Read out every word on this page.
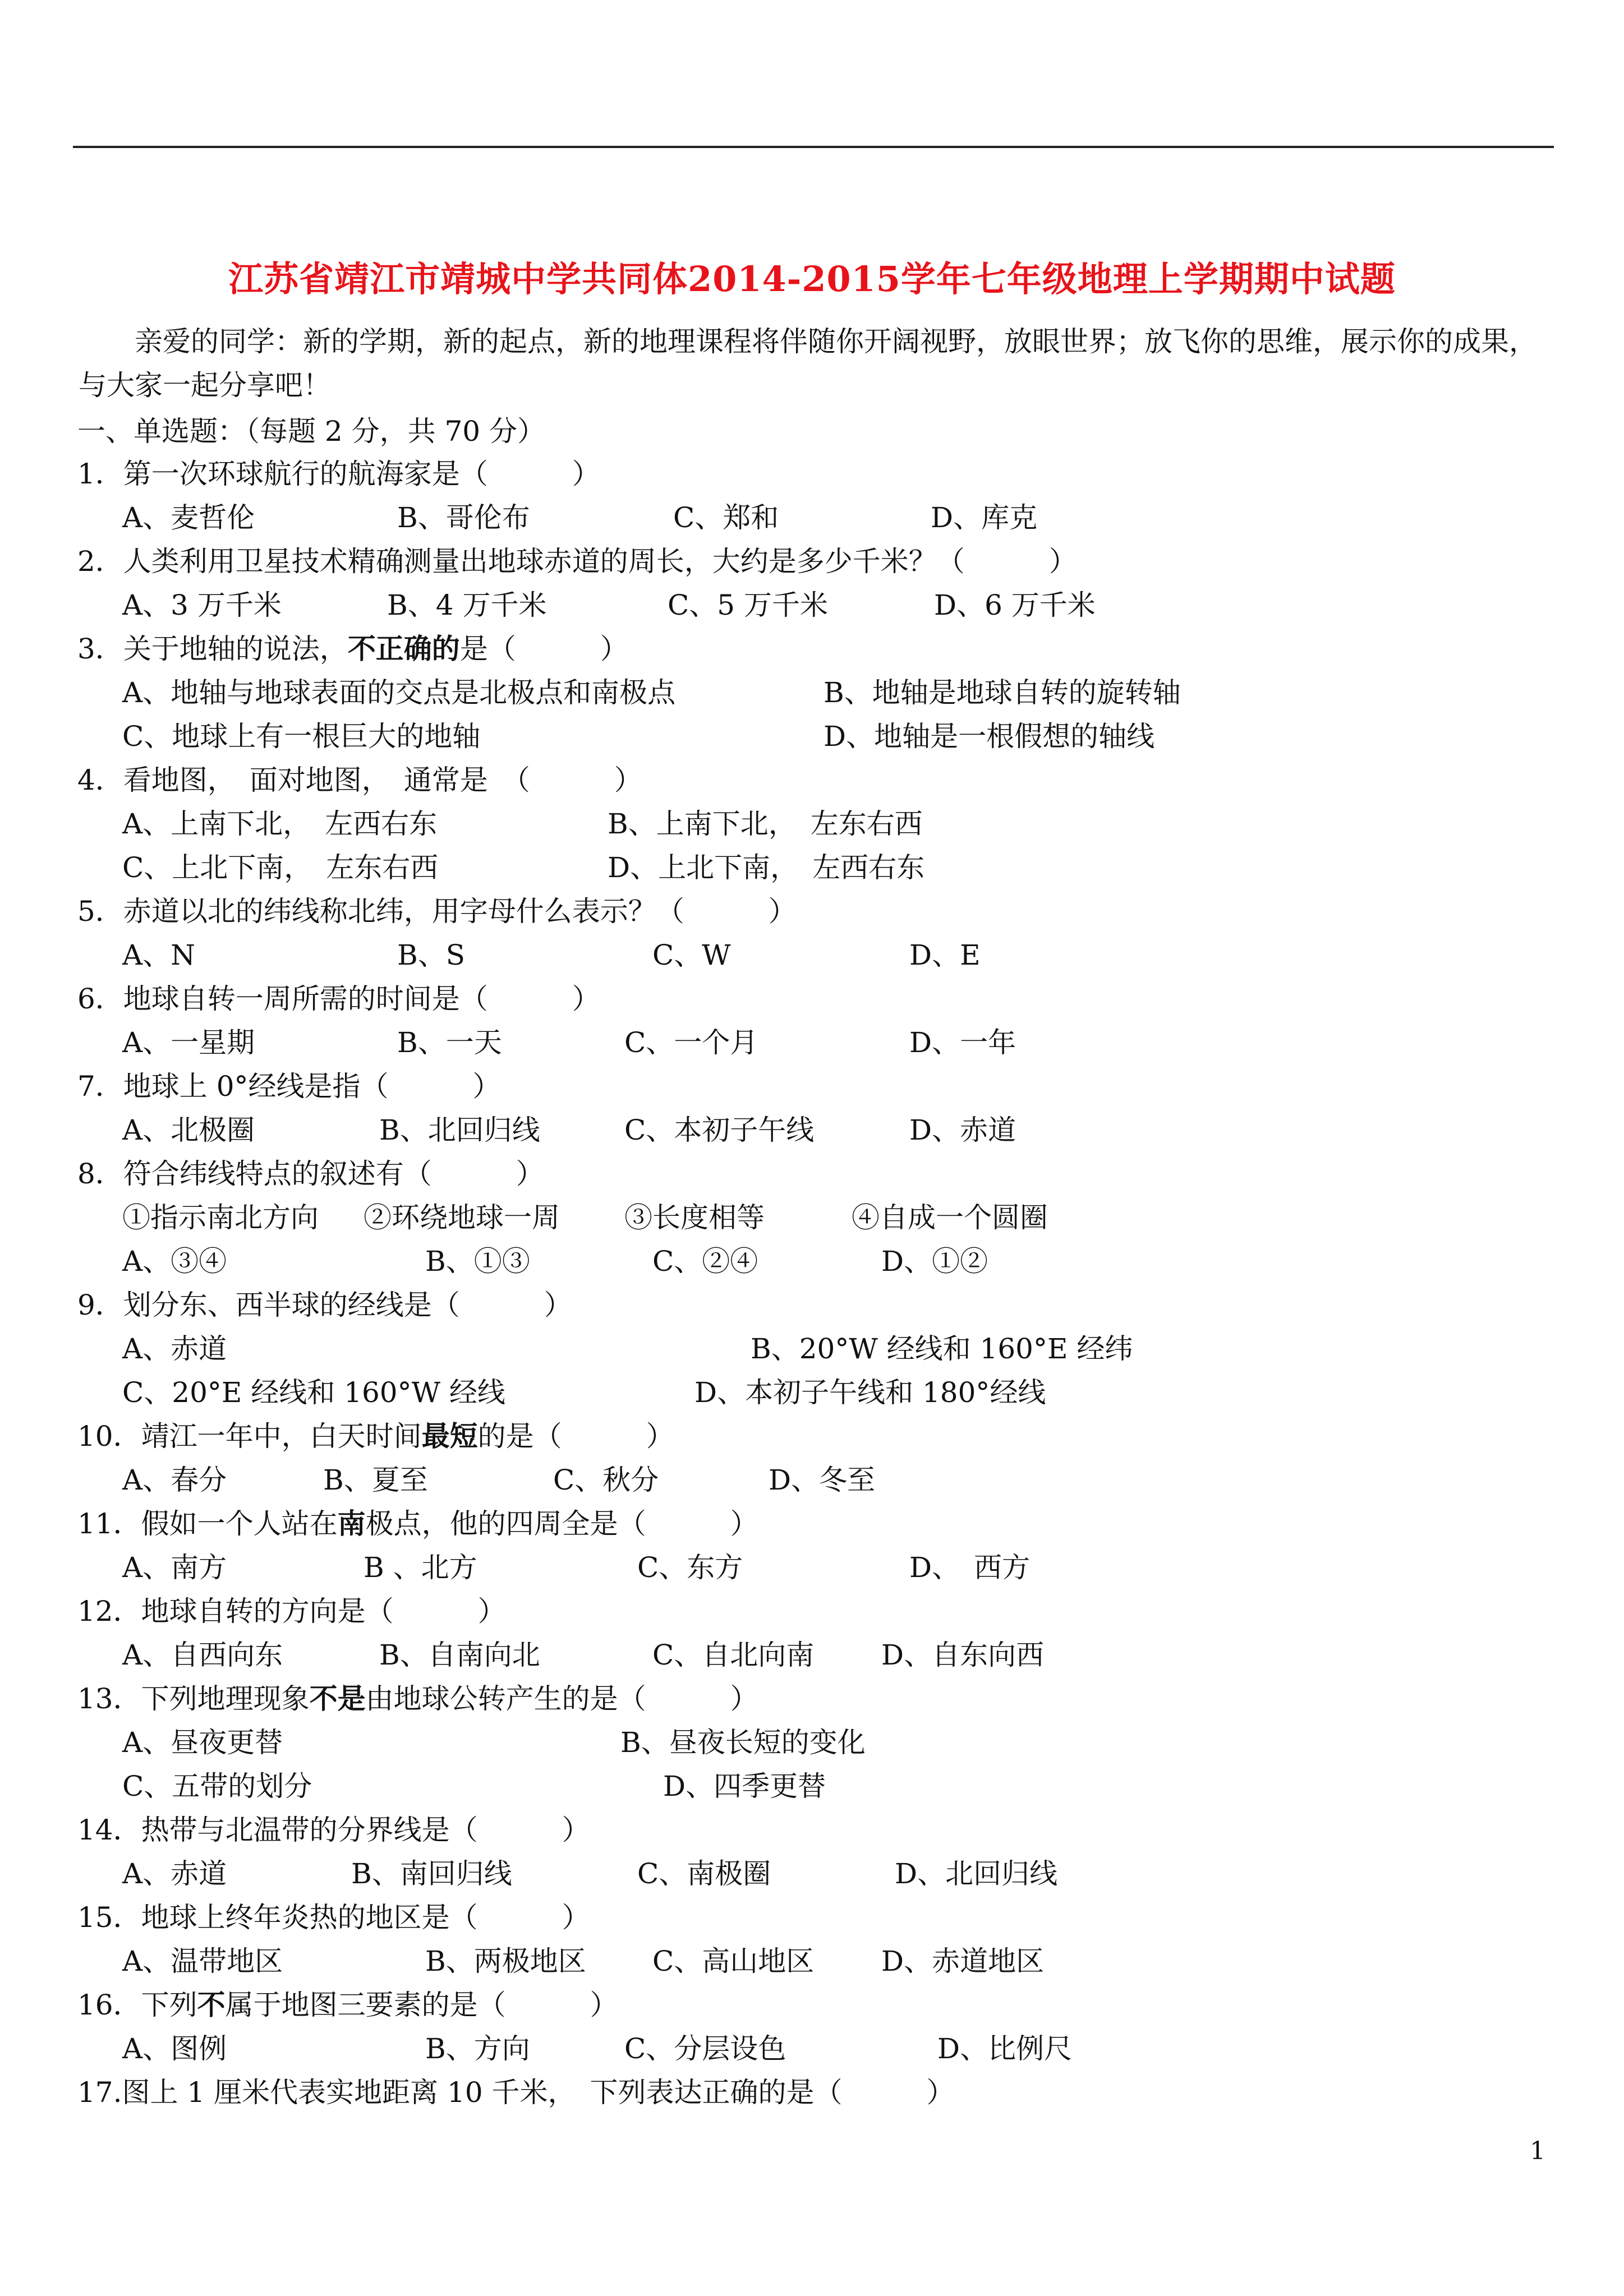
江苏省靖江市靖城中学共同体2014-2015学年七年级地理上学期期中试题
亲爱的同学：新的学期，新的起点，新的地理课程将伴随你开阔视野，放眼世界；放飞你的思维，展示你的成果，
与大家一起分享吧！
一、单选题：（每题 2 分，共 70 分）
1．第一次环球航行的航海家是（　　　）
A、麦哲伦	B、哥伦布	C、郑和	D、库克
2．人类利用卫星技术精确测量出地球赤道的周长，大约是多少千米？（　　　）
A、3 万千米	B、4 万千米	C、5 万千米	D、6 万千米
3．关于地轴的说法，不正确的是（　　　）
A、地轴与地球表面的交点是北极点和南极点	B、地轴是地球自转的旋转轴
C、地球上有一根巨大的地轴	D、地轴是一根假想的轴线
4．看地图，　面对地图，　通常是　（　　　）
A、上南下北，　左西右东	B、上南下北，　左东右西
C、上北下南，　左东右西	D、上北下南，　左西右东
5．赤道以北的纬线称北纬，用字母什么表示？（　　　）
A、N	B、S	C、W	D、E
6．地球自转一周所需的时间是（　　　）
A、一星期	B、一天	C、一个月	D、一年
7．地球上 0°经线是指（　　　）
A、北极圈	B、北回归线	C、本初子午线	D、赤道
8．符合纬线特点的叙述有（　　　）
①指示南北方向 ②环绕地球一周 ③长度相等	④自成一个圆圈
A、③④	B、①③	C、②④	D、①②
9．划分东、西半球的经线是（　　　）
A、赤道	B、20°W 经线和 160°E 经纬
C、20°E 经线和 160°W 经线	D、本初子午线和 180°经线
10．靖江一年中，白天时间最短的是（　　　）
A、春分	B、夏至	C、秋分	D、冬至
11．假如一个人站在南极点，他的四周全是（　　　）
A、南方	B 、北方	C、东方	D、　西方
12．地球自转的方向是（　　　）
A、自西向东	B、自南向北	C、自北向南 D、自东向西
13．下列地理现象不是由地球公转产生的是（　　　）
A、昼夜更替	B、昼夜长短的变化
C、五带的划分	D、四季更替
14．热带与北温带的分界线是（　　　）
A、赤道	B、南回归线	C、南极圈	D、北回归线
15．地球上终年炎热的地区是（　　　）
A、温带地区	B、两极地区 C、高山地区 D、赤道地区
16．下列不属于地图三要素的是（　　　）
A、图例	B、方向	C、分层设色	D、比例尺
17.图上 1 厘米代表实地距离 10 千米，　下列表达正确的是（　　　）
1
